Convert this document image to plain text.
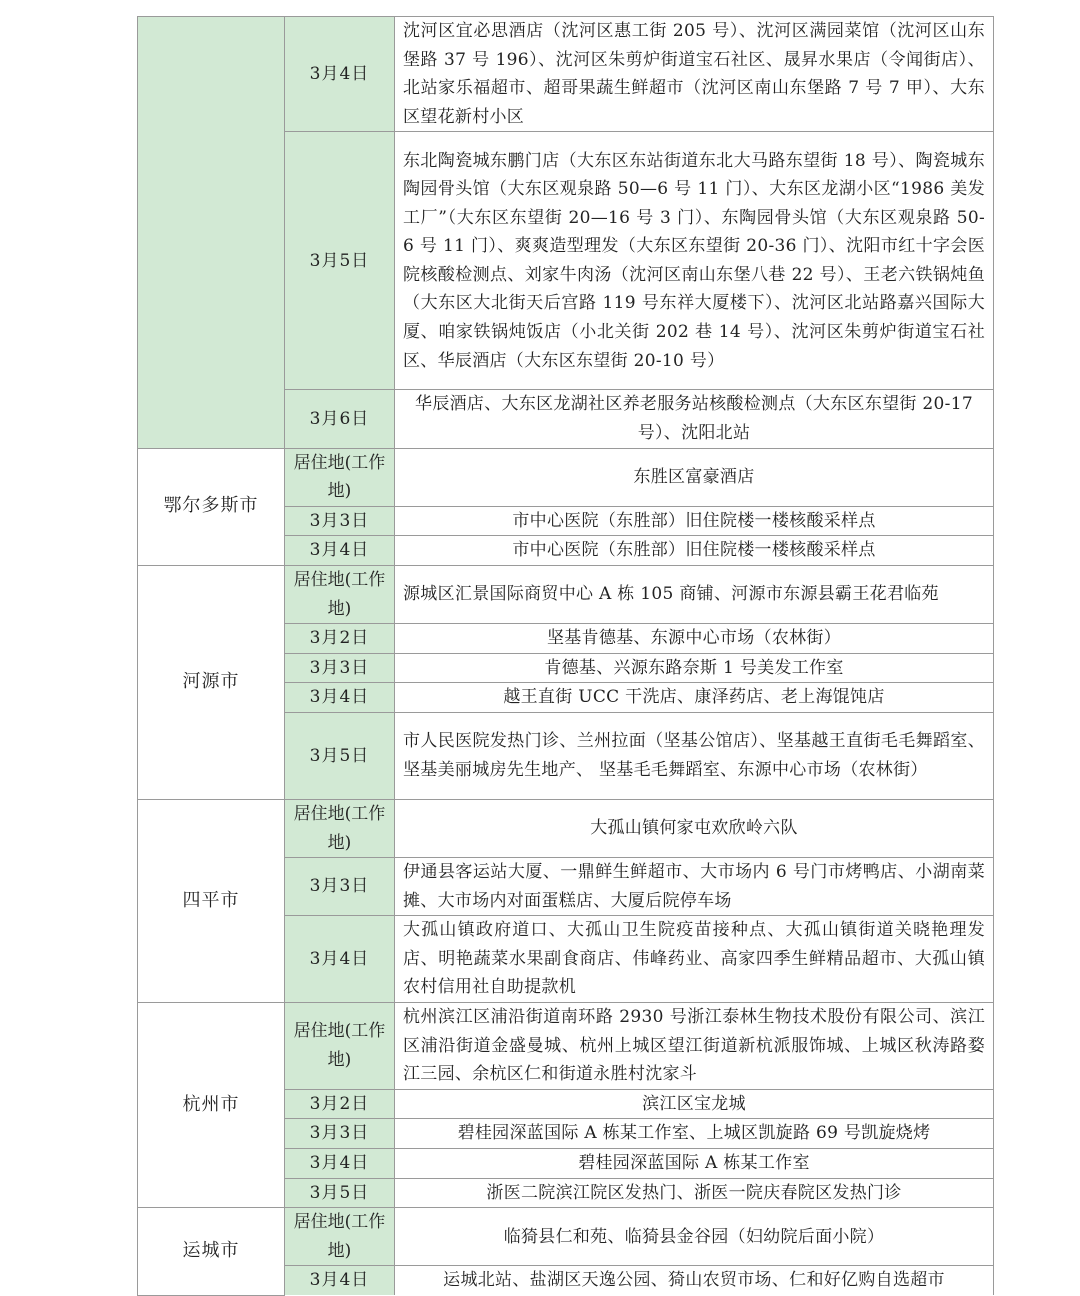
	3月4日	沈河区宜必思酒店（沈河区惠工街 205 号）、沈河区满园菜馆（沈河区山东堡路 37 号 196）、沈河区朱剪炉街道宝石社区、晟昇水果店（令闻街店）、北站家乐福超市、超哥果蔬生鲜超市（沈河区南山东堡路 7 号 7 甲）、大东区望花新村小区
	3月5日	东北陶瓷城东鹏门店（大东区东站街道东北大马路东望街 18 号）、陶瓷城东陶园骨头馆（大东区观泉路 50—6 号 11 门）、大东区龙湖小区“1986 美发工厂”（大东区东望街 20—16 号 3 门）、东陶园骨头馆（大东区观泉路 50-6 号 11 门）、爽爽造型理发（大东区东望街 20-36 门）、沈阳市红十字会医院核酸检测点、刘家牛肉汤（沈河区南山东堡八巷 22 号）、王老六铁锅炖鱼（大东区大北街天后宫路 119 号东祥大厦楼下）、沈河区北站路嘉兴国际大厦、咱家铁锅炖饭店（小北关街 202 巷 14 号）、沈河区朱剪炉街道宝石社区、华辰酒店（大东区东望街 20-10 号）
	3月6日	华辰酒店、大东区龙湖社区养老服务站核酸检测点（大东区东望街 20-17 号）、沈阳北站
鄂尔多斯市	居住地(工作地)	东胜区富豪酒店
	3月3日	市中心医院（东胜部）旧住院楼一楼核酸采样点
	3月4日	市中心医院（东胜部）旧住院楼一楼核酸采样点
河源市	居住地(工作地)	源城区汇景国际商贸中心 A 栋 105 商铺、河源市东源县霸王花君临苑
	3月2日	坚基肯德基、东源中心市场（农林街）
	3月3日	肯德基、兴源东路奈斯 1 号美发工作室
	3月4日	越王直街 UCC 干洗店、康泽药店、老上海馄饨店
	3月5日	市人民医院发热门诊、兰州拉面（坚基公馆店）、坚基越王直街毛毛舞蹈室、坚基美丽城房先生地产、 坚基毛毛舞蹈室、东源中心市场（农林街）
四平市	居住地(工作地)	大孤山镇何家屯欢欣岭六队
	3月3日	伊通县客运站大厦、一鼎鲜生鲜超市、大市场内 6 号门市烤鸭店、小湖南菜摊、大市场内对面蛋糕店、大厦后院停车场
	3月4日	大孤山镇政府道口、大孤山卫生院疫苗接种点、大孤山镇街道关晓艳理发店、明艳蔬菜水果副食商店、伟峰药业、高家四季生鲜精品超市、大孤山镇农村信用社自助提款机
杭州市	居住地(工作地)	杭州滨江区浦沿街道南环路 2930 号浙江泰林生物技术股份有限公司、滨江区浦沿街道金盛曼城、杭州上城区望江街道新杭派服饰城、上城区秋涛路婺江三园、余杭区仁和街道永胜村沈家斗
	3月2日	滨江区宝龙城
	3月3日	碧桂园深蓝国际 A 栋某工作室、上城区凯旋路 69 号凯旋烧烤
	3月4日	碧桂园深蓝国际 A 栋某工作室
	3月5日	浙医二院滨江院区发热门、浙医一院庆春院区发热门诊
运城市	居住地(工作地)	临猗县仁和苑、临猗县金谷园（妇幼院后面小院）
	3月4日	运城北站、盐湖区天逸公园、猗山农贸市场、仁和好亿购自选超市
